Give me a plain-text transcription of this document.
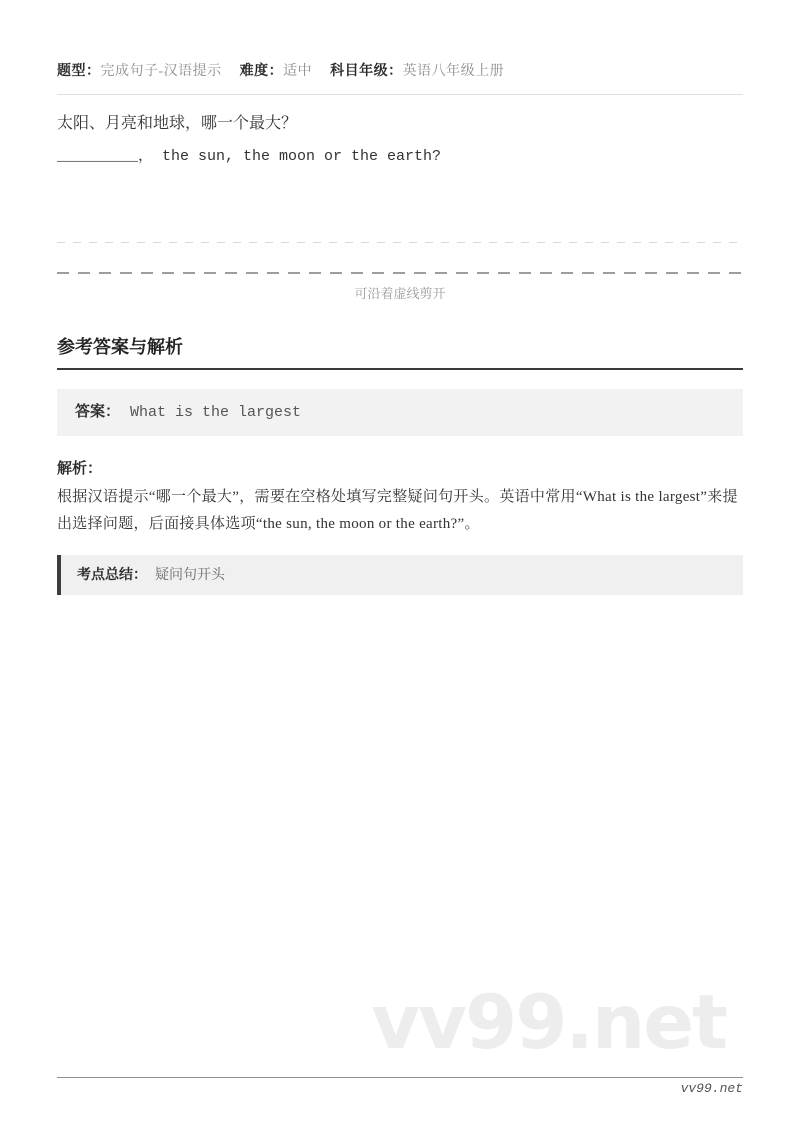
题型：完成句子-汉语提示 难度：适中 科目年级：英语八年级上册

太阳、月亮和地球，哪一个最大？

_________， the sun, the moon or the earth?

可沿着虚线剪开
参考答案与解析
答案： What is the largest

解析：

根据汉语提示“哪一个最大”，需要在空格处填写完整疑问句开头。英语中常用“What is the largest”来提出选择问题，后面接具体选项“the sun, the moon or the earth?”。

考点总结： 疑问句开头
vv99.net
vv99.net
